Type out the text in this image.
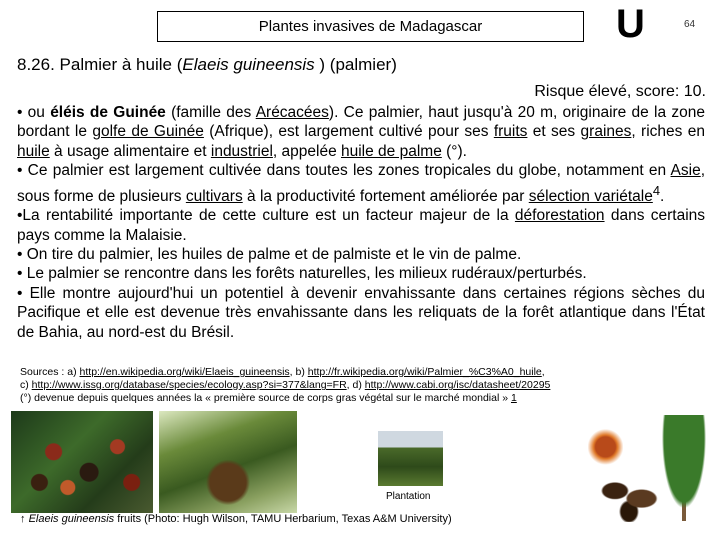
Plantes invasives de Madagascar	U	64
8.26. Palmier à huile (Elaeis guineensis ) (palmier)
Risque élevé, score: 10.

• ou éléis de Guinée (famille des Arécacées). Ce palmier, haut jusqu'à 20 m, originaire de la zone bordant le golfe de Guinée (Afrique), est largement cultivé pour ses fruits et ses graines, riches en huile à usage alimentaire et industriel, appelée huile de palme (°).

• Ce palmier est largement cultivée dans toutes les zones tropicales du globe, notamment en Asie, sous forme de plusieurs cultivars à la productivité fortement améliorée par sélection variétale$^4$.

•La rentabilité importante de cette culture est un facteur majeur de la déforestation dans certains pays comme la Malaisie.

• On tire du palmier, les huiles de palme et de palmiste et le vin de palme.

• Le palmier se rencontre dans les forêts naturelles, les milieux rudéraux/perturbés.

• Elle montre aujourd'hui un potentiel à devenir envahissante dans certaines régions sèches du Pacifique et elle est devenue très envahissante dans les reliquats de la forêt atlantique dans l'État de Bahia, au nord-est du Brésil.

Sources : a) http://en.wikipedia.org/wiki/Elaeis_guineensis, b) http://fr.wikipedia.org/wiki/Palmier_%C3%A0_huile,
c) http://www.issg.org/database/species/ecology.asp?si=377&lang=FR, d) http://www.cabi.org/isc/datasheet/20295
(°) devenue depuis quelques années la « première source de corps gras végétal sur le marché mondial » 1
Plantation
↑ Elaeis guineensis fruits (Photo: Hugh Wilson, TAMU Herbarium, Texas A&M University)
